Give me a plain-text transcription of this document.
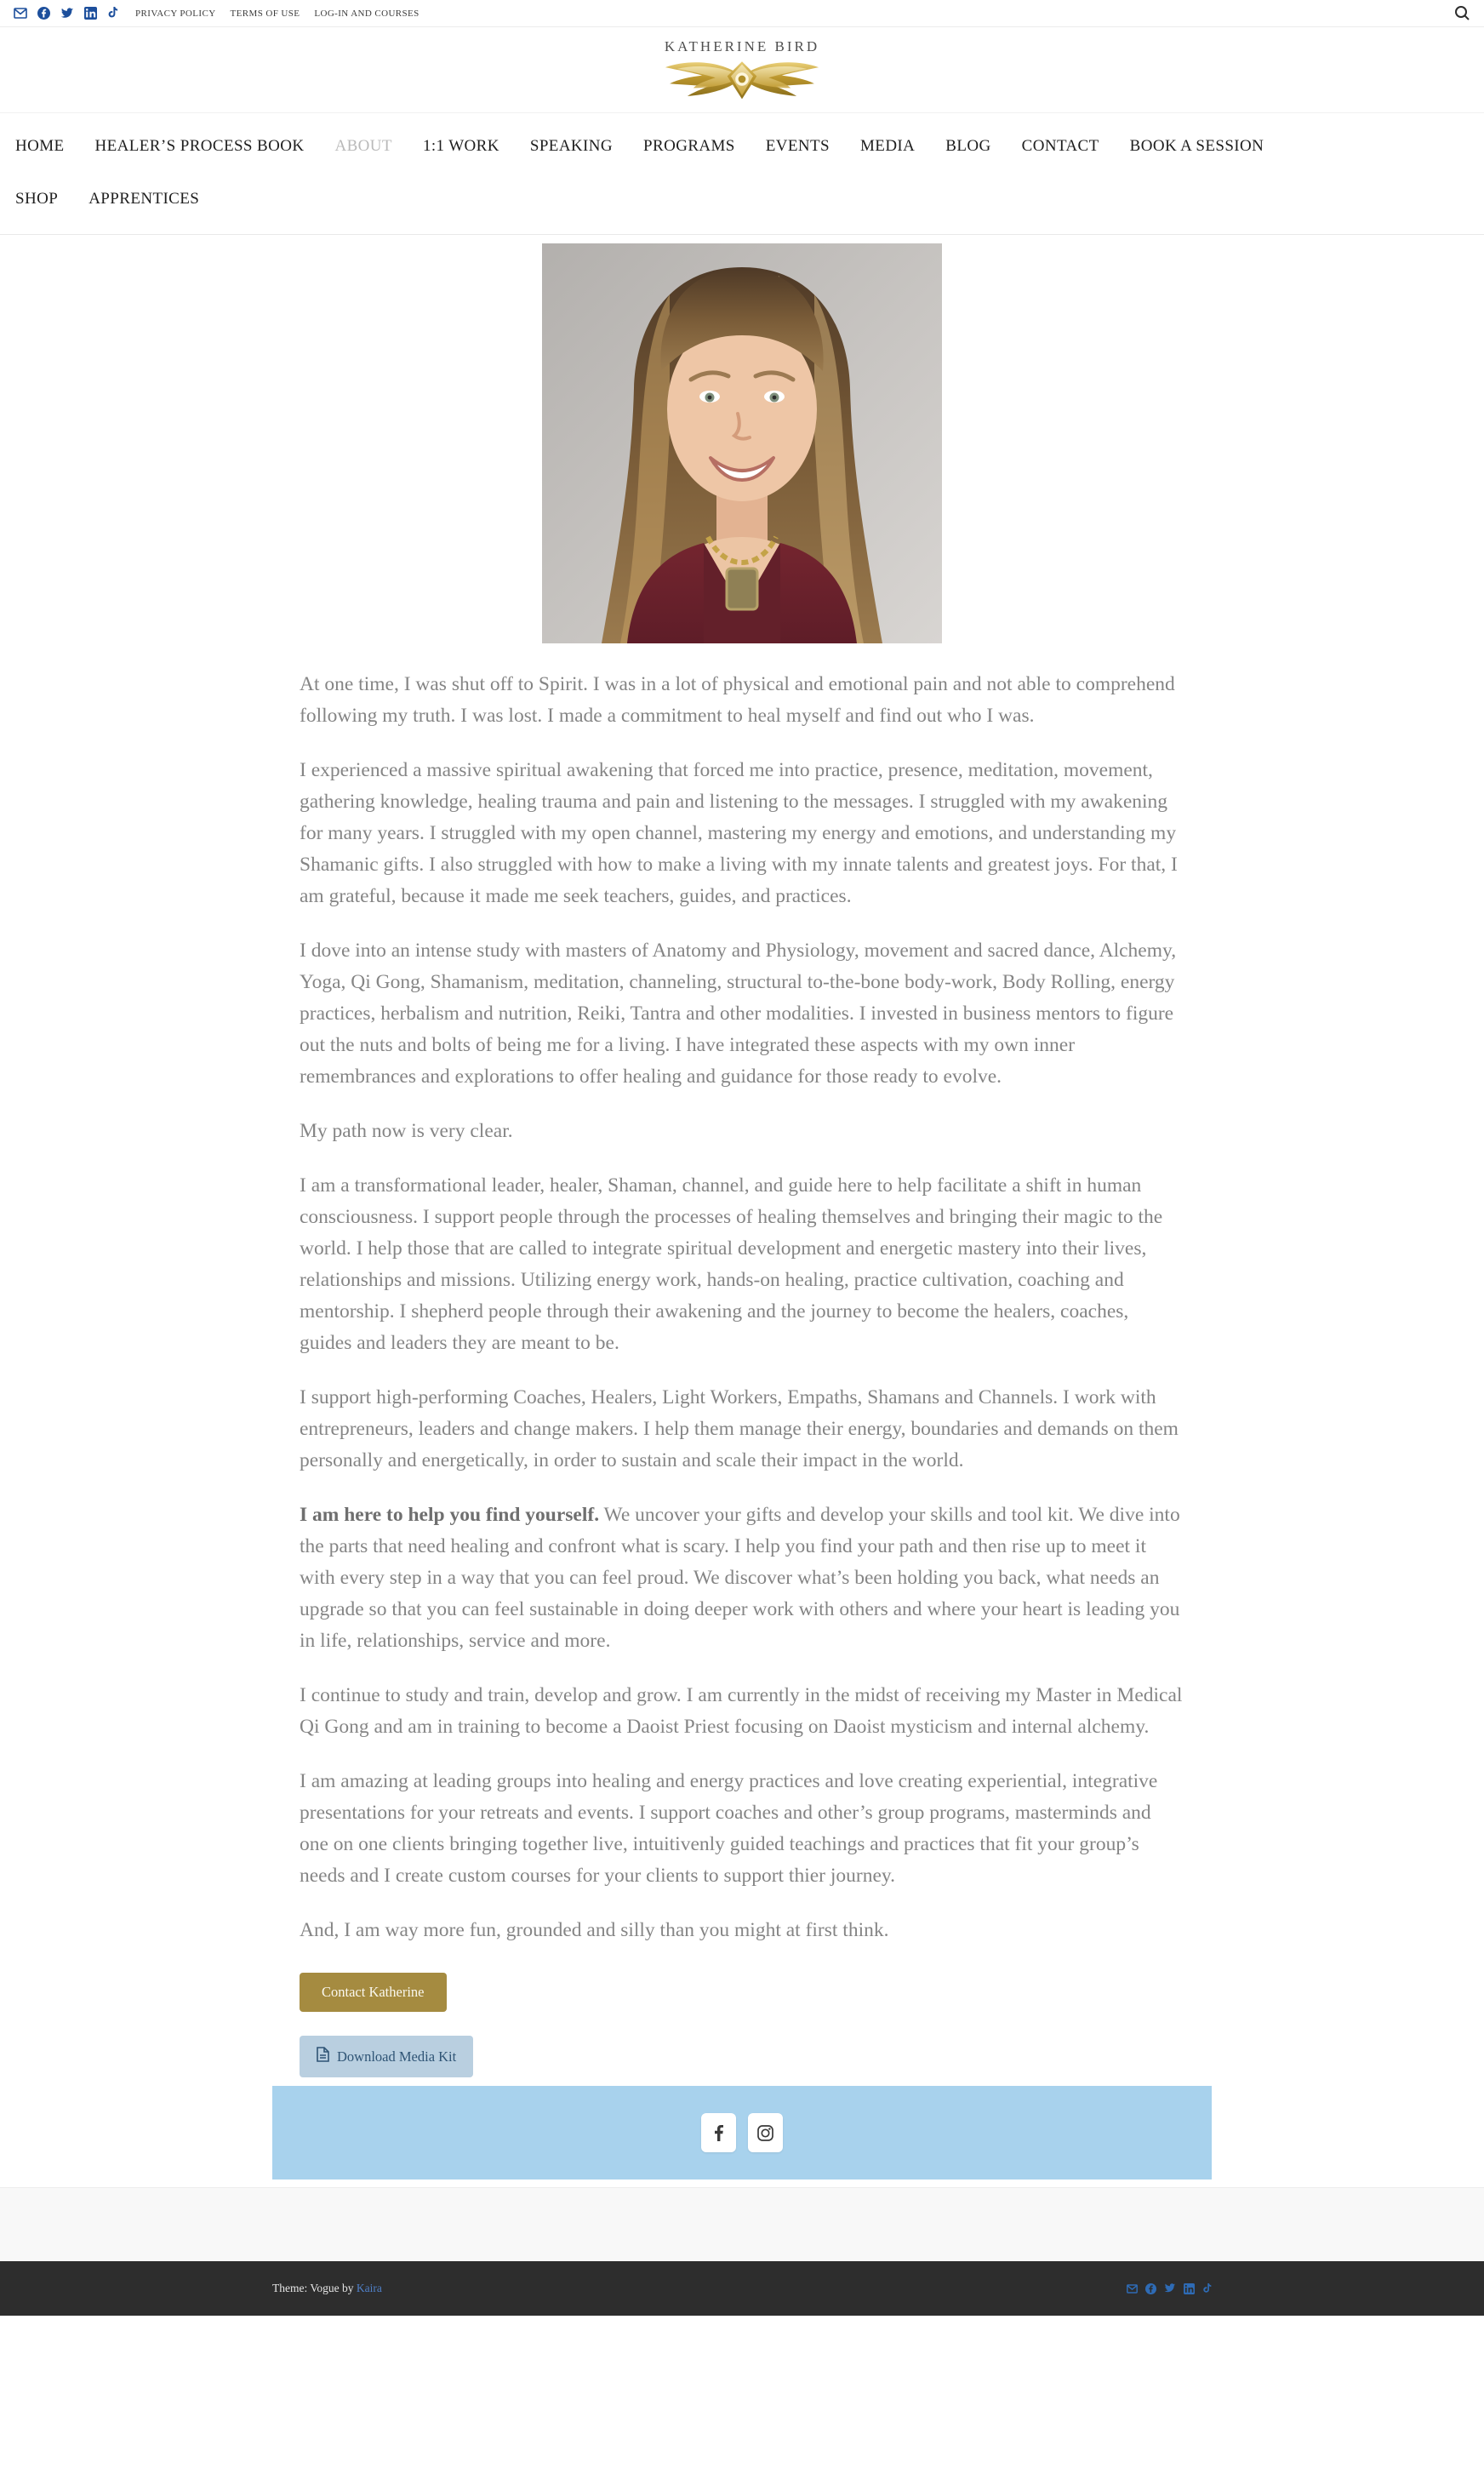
PRIVACY POLICY TERMS OF USE LOG-IN AND COURSES
KATHERINE BIRD
HOME HEALER’S PROCESS BOOK ABOUT 1:1 WORK SPEAKING PROGRAMS EVENTS MEDIA BLOG CONTACT BOOK A SESSION
SHOP APPRENTICES

At one time, I was shut off to Spirit. I was in a lot of physical and emotional pain and not able to comprehend following my truth. I was lost. I made a commitment to heal myself and find out who I was.

I experienced a massive spiritual awakening that forced me into practice, presence, meditation, movement, gathering knowledge, healing trauma and pain and listening to the messages. I struggled with my awakening for many years. I struggled with my open channel, mastering my energy and emotions, and understanding my Shamanic gifts. I also struggled with how to make a living with my innate talents and greatest joys. For that, I am grateful, because it made me seek teachers, guides, and practices.

I dove into an intense study with masters of Anatomy and Physiology, movement and sacred dance, Alchemy, Yoga, Qi Gong, Shamanism, meditation, channeling, structural to-the-bone body-work, Body Rolling, energy practices, herbalism and nutrition, Reiki, Tantra and other modalities. I invested in business mentors to figure out the nuts and bolts of being me for a living. I have integrated these aspects with my own inner remembrances and explorations to offer healing and guidance for those ready to evolve.

My path now is very clear.

I am a transformational leader, healer, Shaman, channel, and guide here to help facilitate a shift in human consciousness. I support people through the processes of healing themselves and bringing their magic to the world. I help those that are called to integrate spiritual development and energetic mastery into their lives, relationships and missions. Utilizing energy work, hands-on healing, practice cultivation, coaching and mentorship. I shepherd people through their awakening and the journey to become the healers, coaches, guides and leaders they are meant to be.

I support high-performing Coaches, Healers, Light Workers, Empaths, Shamans and Channels. I work with entrepreneurs, leaders and change makers. I help them manage their energy, boundaries and demands on them personally and energetically, in order to sustain and scale their impact in the world.

I am here to help you find yourself. We uncover your gifts and develop your skills and tool kit. We dive into the parts that need healing and confront what is scary. I help you find your path and then rise up to meet it with every step in a way that you can feel proud. We discover what’s been holding you back, what needs an upgrade so that you can feel sustainable in doing deeper work with others and where your heart is leading you in life, relationships, service and more.

I continue to study and train, develop and grow. I am currently in the midst of receiving my Master in Medical Qi Gong and am in training to become a Daoist Priest focusing on Daoist mysticism and internal alchemy.

I am amazing at leading groups into healing and energy practices and love creating experiential, integrative presentations for your retreats and events. I support coaches and other’s group programs, masterminds and one on one clients bringing together live, intuitivenly guided teachings and practices that fit your group’s needs and I create custom courses for your clients to support thier journey.

And, I am way more fun, grounded and silly than you might at first think.

Contact Katherine
Download Media Kit
Theme: Vogue by Kaira
